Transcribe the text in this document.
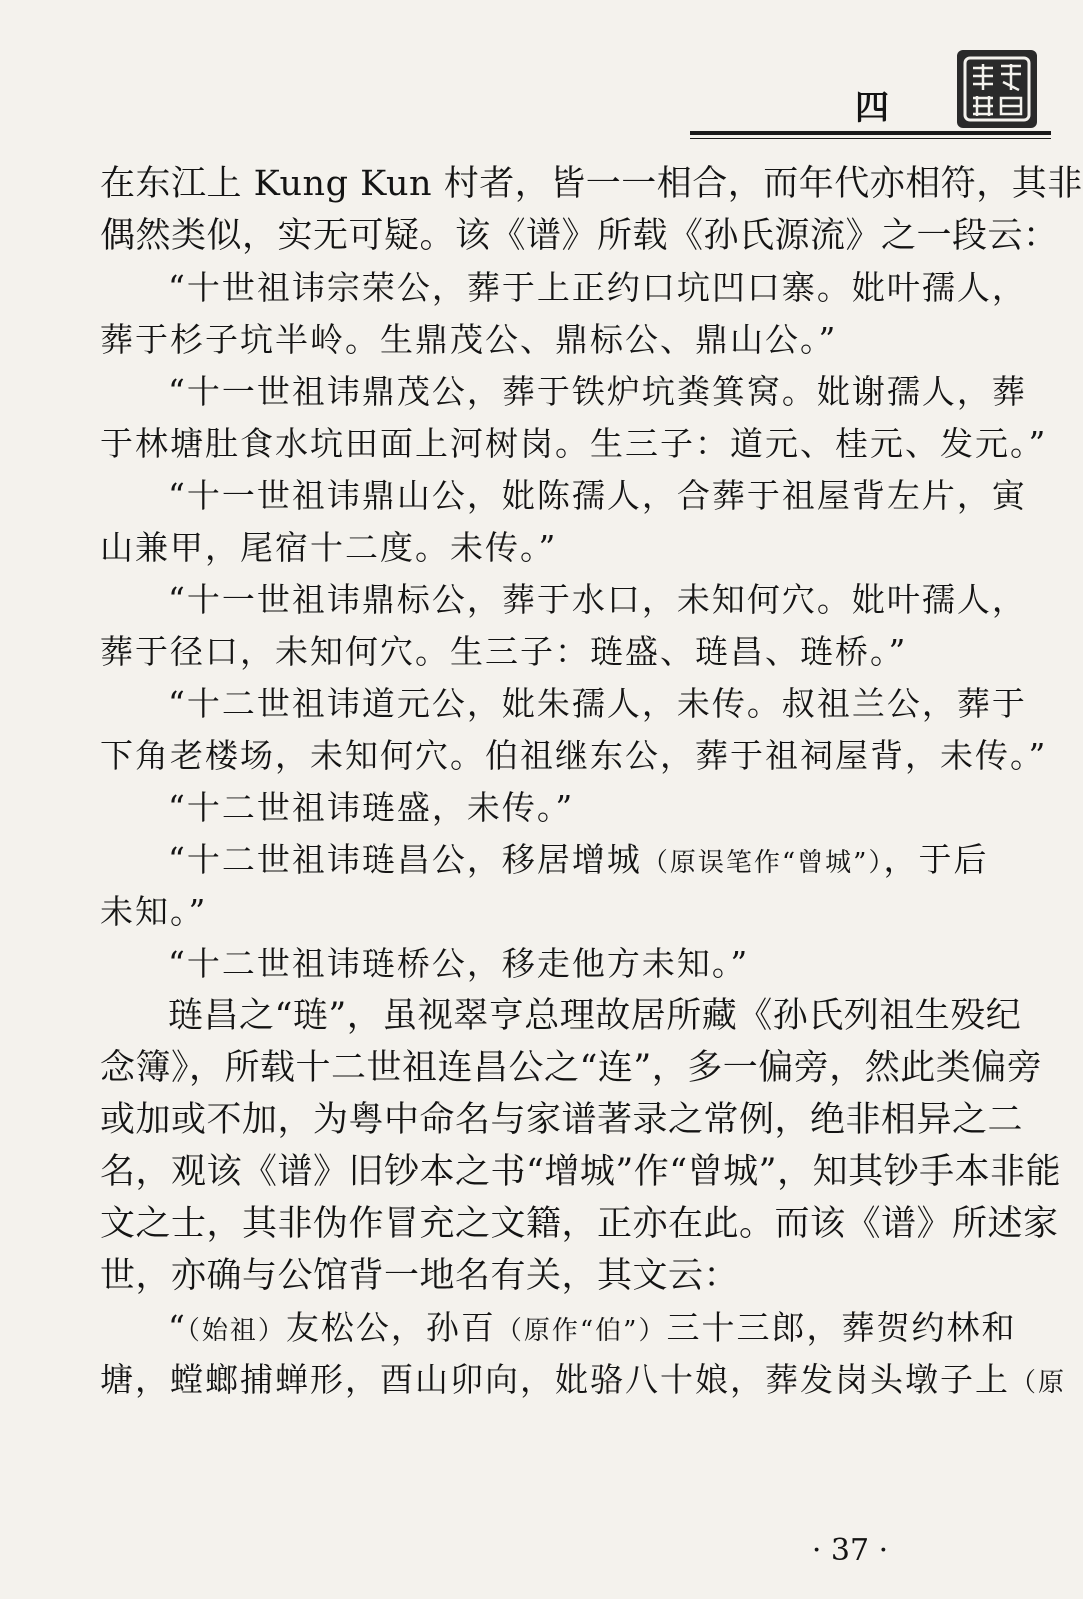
四
在东江上 Kung Kun 村者，皆一一相合，而年代亦相符，其非
偶然类似，实无可疑。该《谱》所载《孙氏源流》之一段云：
“十世祖讳宗荣公，葬于上正约口坑凹口寨。妣叶孺人，
葬于杉子坑半岭。生鼎茂公、鼎标公、鼎山公。”
“十一世祖讳鼎茂公，葬于铁炉坑粪箕窝。妣谢孺人，葬
于林塘肚食水坑田面上河树岗。生三子：道元、桂元、发元。”
“十一世祖讳鼎山公，妣陈孺人，合葬于祖屋背左片，寅
山兼甲，尾宿十二度。未传。”
“十一世祖讳鼎标公，葬于水口，未知何穴。妣叶孺人，
葬于径口，未知何穴。生三子：琏盛、琏昌、琏桥。”
“十二世祖讳道元公，妣朱孺人，未传。叔祖兰公，葬于
下角老楼场，未知何穴。伯祖继东公，葬于祖祠屋背，未传。”
“十二世祖讳琏盛，未传。”
“十二世祖讳琏昌公，移居增城（原误笔作“曾城”），于后
未知。”
“十二世祖讳琏桥公，移走他方未知。”
琏昌之“琏”，虽视翠亨总理故居所藏《孙氏列祖生殁纪
念簿》，所载十二世祖连昌公之“连”，多一偏旁，然此类偏旁
或加或不加，为粤中命名与家谱著录之常例，绝非相异之二
名，观该《谱》旧钞本之书“增城”作“曾城”，知其钞手本非能
文之士，其非伪作冒充之文籍，正亦在此。而该《谱》所述家
世，亦确与公馆背一地名有关，其文云：
“（始祖）友松公，孙百（原作“伯”）三十三郎，葬贺约林和
塘，螳螂捕蝉形，酉山卯向，妣骆八十娘，葬发岗头墩子上（原
· 37 ·
